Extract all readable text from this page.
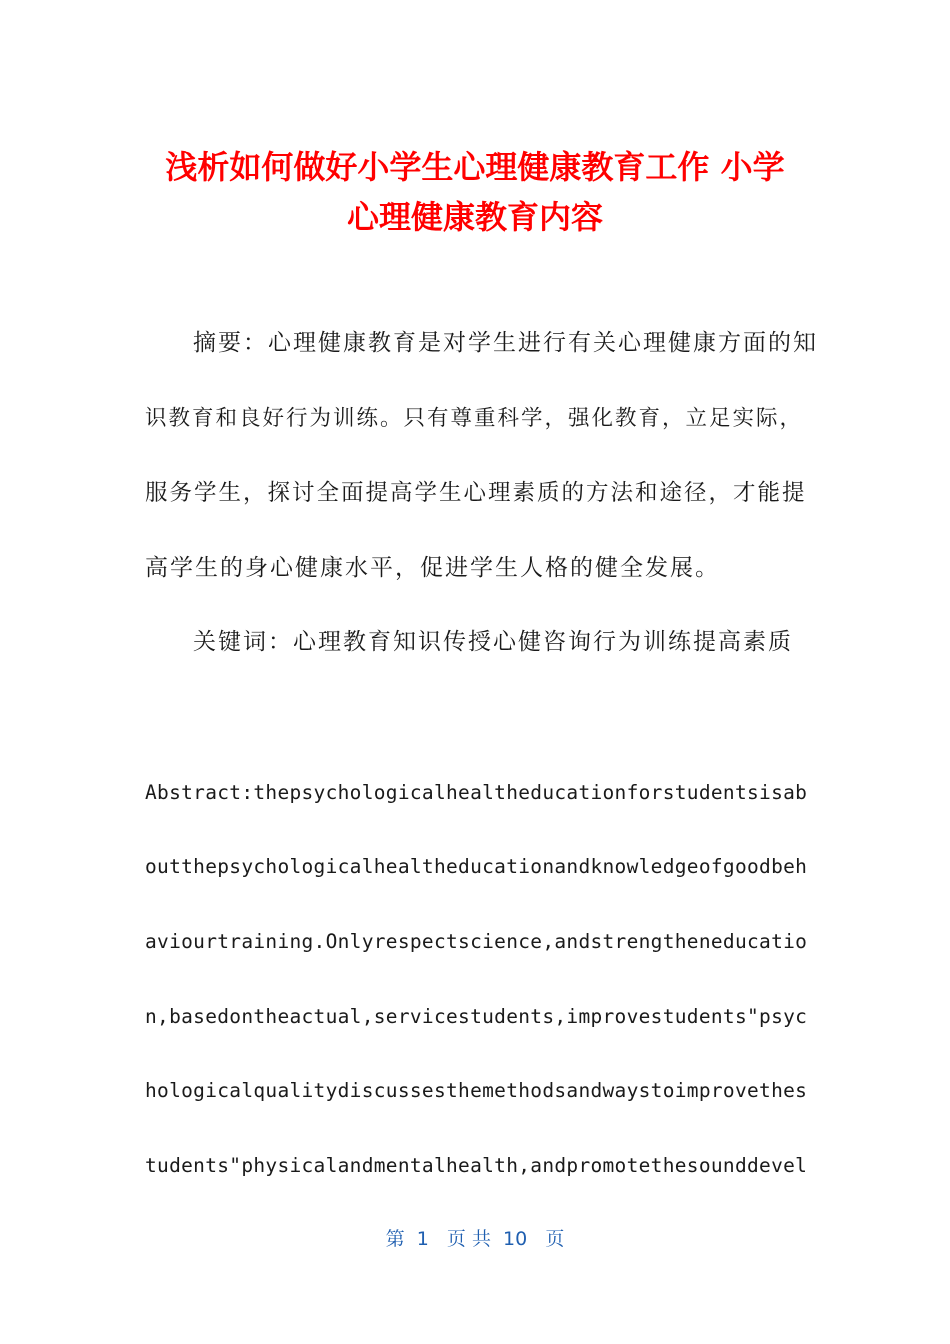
浅析如何做好小学生心理健康教育工作 小学
心理健康教育内容
摘要：心理健康教育是对学生进行有关心理健康方面的知
识教育和良好行为训练。只有尊重科学，强化教育，立足实际，
服务学生，探讨全面提高学生心理素质的方法和途径，才能提
高学生的身心健康水平，促进学生人格的健全发展。
关键词：心理教育知识传授心健咨询行为训练提高素质
Abstract:thepsychologicalhealtheducationforstudentsisab
outthepsychologicalhealtheducationandknowledgeofgoodbeh
aviourtraining.Onlyrespectscience,andstrengtheneducatio
n,basedontheactual,servicestudents,improvestudents"psyc
hologicalqualitydiscussesthemethodsandwaystoimprovethes
tudents"physicalandmentalhealth,andpromotethesounddevel
第  1   页 共  10   页
